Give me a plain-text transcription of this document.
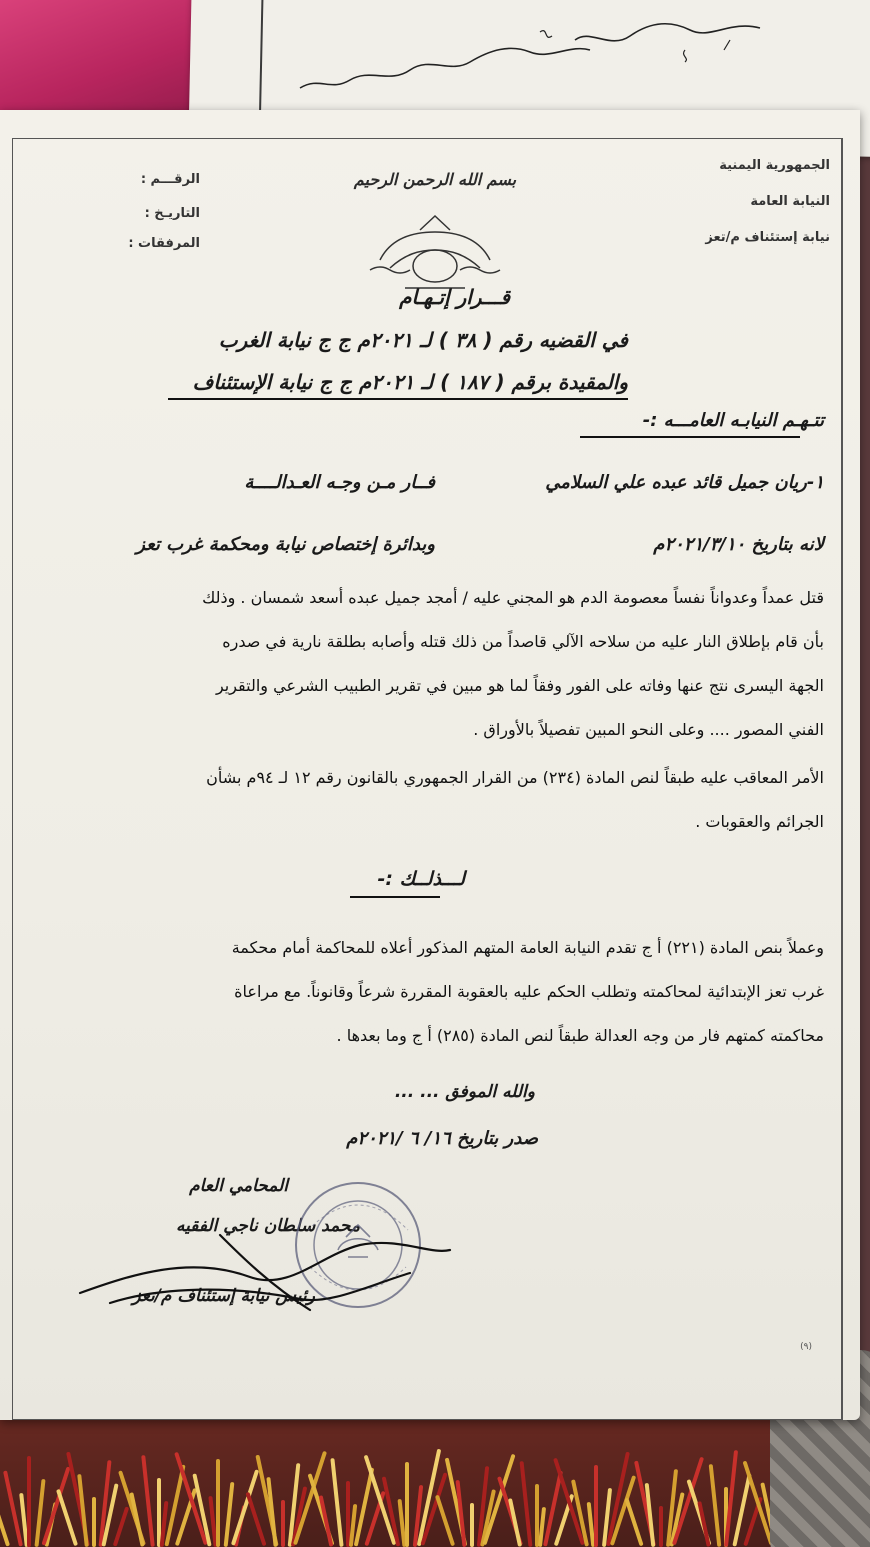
الجمهورية اليمنية
النيابة العامة
نيابة إستئناف م/تعز
الرقـــم :
التاريـخ :
المرفقات :
بسم الله الرحمن الرحيم
قـــرار إتـهـام
في القضيه رقم ( ٣٨ ) لـ ٢٠٢١م ج ج نيابة الغرب
والمقيدة برقم ( ١٨٧ ) لـ ٢٠٢١م ج ج نيابة الإستئناف
تتـهـم النيابـه العامـــه :-
١-ريان جميل قائد عبده علي السلامي
فــار مـن وجـه العـدالــــة
لانه بتاريخ ٢٠٢١/٣/١٠م
وبدائرة إختصاص نيابة ومحكمة غرب تعز
قتل عمداً وعدواناً نفساً معصومة الدم هو المجني عليه / أمجد جميل عبده أسعد شمسان . وذلك
بأن قام بإطلاق النار عليه من سلاحه الآلي قاصداً من ذلك قتله وأصابه بطلقة نارية في صدره
الجهة اليسرى نتج عنها وفاته على الفور وفقاً لما هو مبين في تقرير الطبيب الشرعي والتقرير
الفني المصور .... وعلى النحو المبين تفصيلاً بالأوراق .
الأمر المعاقب عليه طبقاً لنص المادة (٢٣٤) من القرار الجمهوري بالقانون رقم ١٢ لـ ٩٤م بشأن
الجرائم والعقوبات .
لـــذلــك :-
وعملاً بنص المادة (٢٢١) أ ج تقدم النيابة العامة المتهم المذكور أعلاه للمحاكمة أمام محكمة
غرب تعز الإبتدائية لمحاكمته وتطلب الحكم عليه بالعقوبة المقررة شرعاً وقانوناً. مع مراعاة
محاكمته كمتهم فار من وجه العدالة طبقاً لنص المادة (٢٨٥) أ ج وما بعدها .
والله الموفق ... ...
صدر بتاريخ ١٦/ ٦ /٢٠٢١م
المحامي العام
محمد سلطان ناجي الفقيه
رئيس نيابة إستئناف م/تعز
(٩)
